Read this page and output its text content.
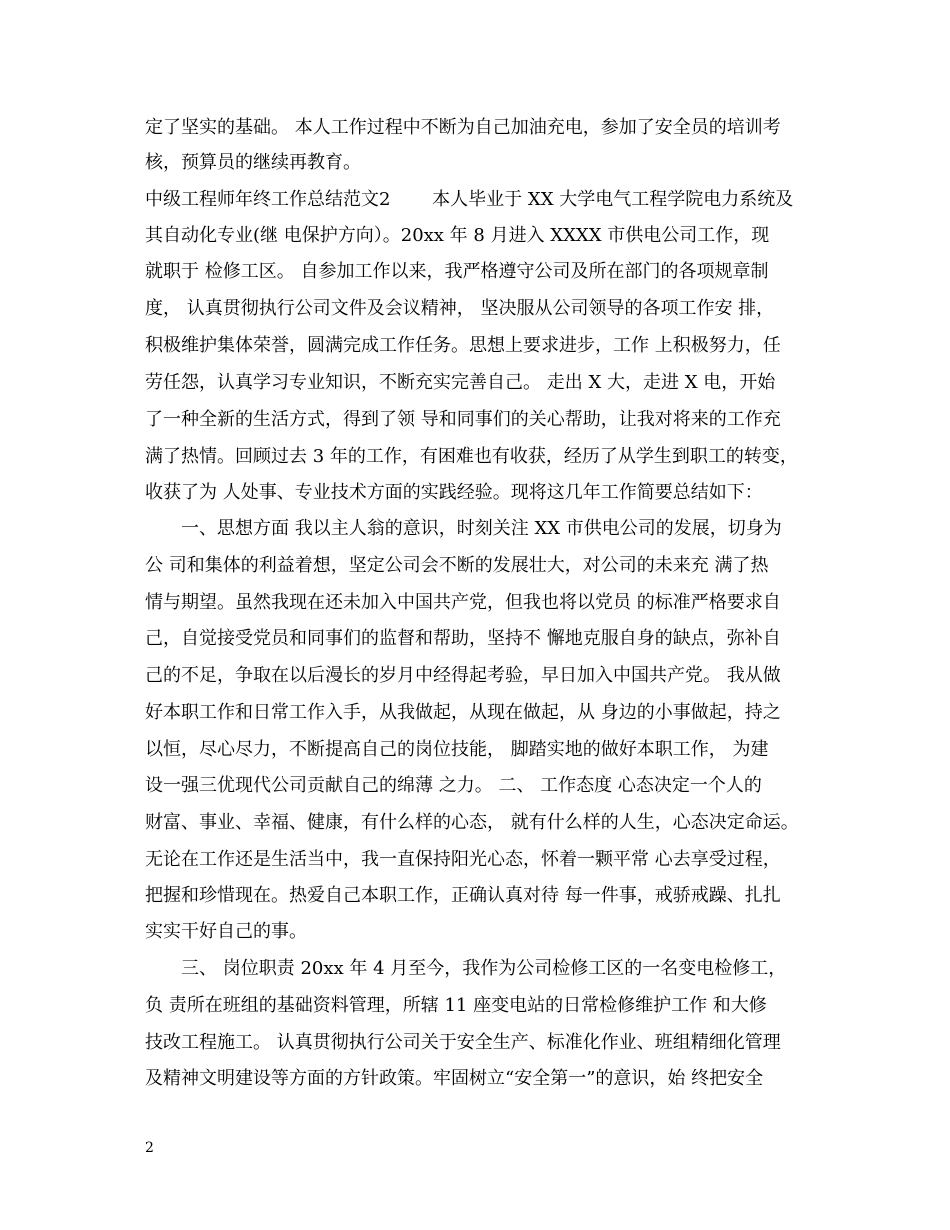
定了坚实的基础。 本人工作过程中不断为自己加油充电，参加了安全员的培训考
核，预算员的继续再教育。
中级工程师年终工作总结范文2 　　本人毕业于 XX 大学电气工程学院电力系统及
其自动化专业(继 电保护方向）。20xx 年 8 月进入 XXXX 市供电公司工作，现
就职于 检修工区。 自参加工作以来，我严格遵守公司及所在部门的各项规章制
度， 认真贯彻执行公司文件及会议精神， 坚决服从公司领导的各项工作安 排，
积极维护集体荣誉，圆满完成工作任务。思想上要求进步，工作 上积极努力，任
劳任怨，认真学习专业知识，不断充实完善自己。 走出 X 大，走进 X 电，开始
了一种全新的生活方式，得到了领 导和同事们的关心帮助，让我对将来的工作充
满了热情。回顾过去 3 年的工作，有困难也有收获，经历了从学生到职工的转变，
收获了为 人处事、专业技术方面的实践经验。现将这几年工作简要总结如下：
　　一、思想方面 我以主人翁的意识，时刻关注 XX 市供电公司的发展，切身为
公 司和集体的利益着想，坚定公司会不断的发展壮大，对公司的未来充 满了热
情与期望。虽然我现在还未加入中国共产党，但我也将以党员 的标准严格要求自
己，自觉接受党员和同事们的监督和帮助，坚持不 懈地克服自身的缺点，弥补自
己的不足，争取在以后漫长的岁月中经得起考验，早日加入中国共产党。 我从做
好本职工作和日常工作入手，从我做起，从现在做起，从 身边的小事做起，持之
以恒，尽心尽力，不断提高自己的岗位技能， 脚踏实地的做好本职工作， 为建
设一强三优现代公司贡献自己的绵薄 之力。 二、 工作态度 心态决定一个人的
财富、事业、幸福、健康，有什么样的心态， 就有什么样的人生，心态决定命运。
无论在工作还是生活当中，我一直保持阳光心态，怀着一颗平常 心去享受过程，
把握和珍惜现在。热爱自己本职工作，正确认真对待 每一件事，戒骄戒躁、扎扎
实实干好自己的事。
　　三、 岗位职责 20xx 年 4 月至今，我作为公司检修工区的一名变电检修工，
负 责所在班组的基础资料管理，所辖 11 座变电站的日常检修维护工作 和大修
技改工程施工。 认真贯彻执行公司关于安全生产、标准化作业、班组精细化管理
及精神文明建设等方面的方针政策。牢固树立“安全第一”的意识，始 终把安全
2
